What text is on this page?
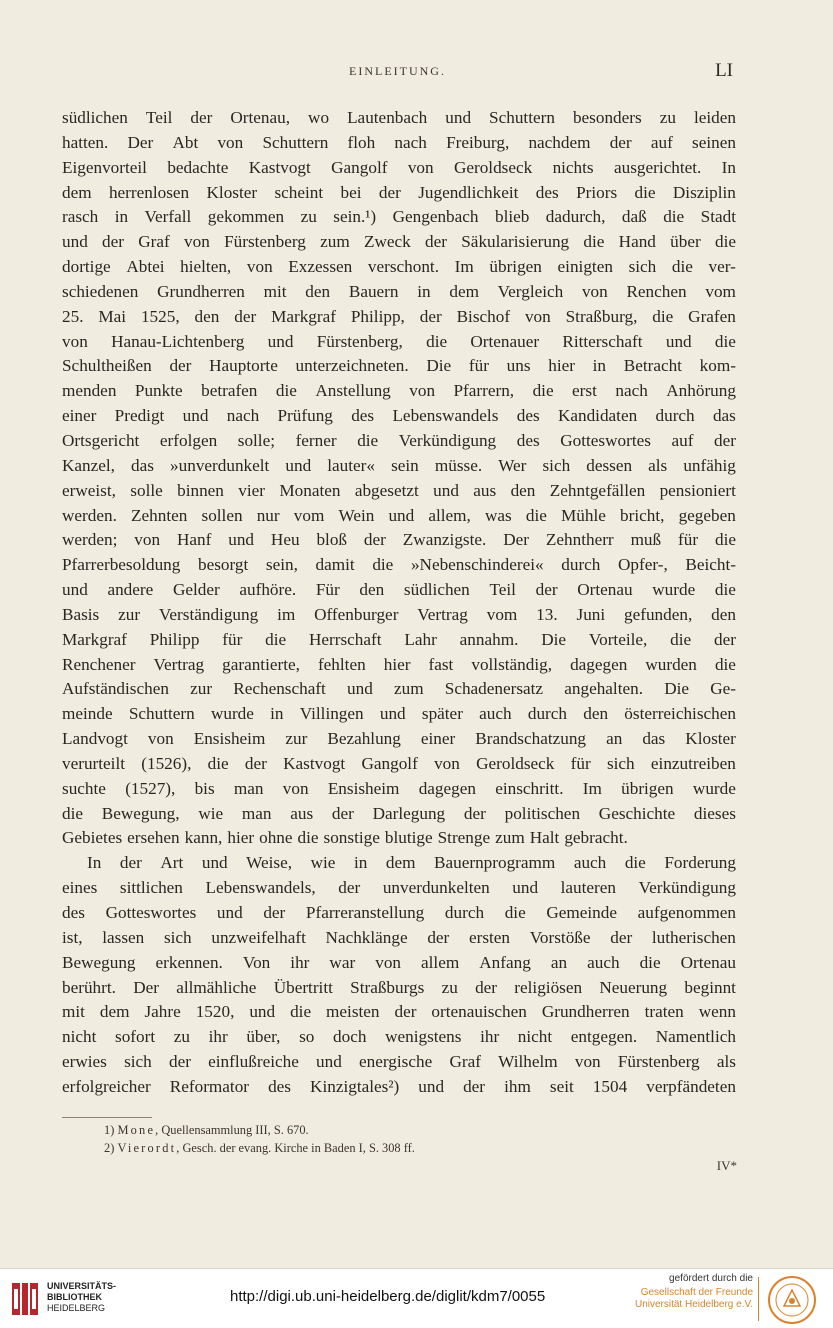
EINLEITUNG.	LI
südlichen Teil der Ortenau, wo Lautenbach und Schuttern besonders zu leiden
hatten. Der Abt von Schuttern floh nach Freiburg, nachdem der auf seinen
Eigenvorteil bedachte Kastvogt Gangolf von Geroldseck nichts ausgerichtet. In
dem herrenlosen Kloster scheint bei der Jugendlichkeit des Priors die Disziplin
rasch in Verfall gekommen zu sein.¹) Gengenbach blieb dadurch, daß die Stadt
und der Graf von Fürstenberg zum Zweck der Säkularisierung die Hand über die
dortige Abtei hielten, von Exzessen verschont. Im übrigen einigten sich die ver-
schiedenen Grundherren mit den Bauern in dem Vergleich von Renchen vom
25. Mai 1525, den der Markgraf Philipp, der Bischof von Straßburg, die Grafen
von Hanau-Lichtenberg und Fürstenberg, die Ortenauer Ritterschaft und die
Schultheißen der Hauptorte unterzeichneten. Die für uns hier in Betracht kom-
menden Punkte betrafen die Anstellung von Pfarrern, die erst nach Anhörung
einer Predigt und nach Prüfung des Lebenswandels des Kandidaten durch das
Ortsgericht erfolgen solle; ferner die Verkündigung des Gotteswortes auf der
Kanzel, das »unverdunkelt und lauter« sein müsse. Wer sich dessen als unfähig
erweist, solle binnen vier Monaten abgesetzt und aus den Zehntgefällen pensioniert
werden. Zehnten sollen nur vom Wein und allem, was die Mühle bricht, gegeben
werden; von Hanf und Heu bloß der Zwanzigste. Der Zehntherr muß für die
Pfarrerbesoldung besorgt sein, damit die »Nebenschinderei« durch Opfer-, Beicht-
und andere Gelder aufhöre. Für den südlichen Teil der Ortenau wurde die
Basis zur Verständigung im Offenburger Vertrag vom 13. Juni gefunden, den
Markgraf Philipp für die Herrschaft Lahr annahm. Die Vorteile, die der
Renchener Vertrag garantierte, fehlten hier fast vollständig, dagegen wurden die
Aufständischen zur Rechenschaft und zum Schadenersatz angehalten. Die Ge-
meinde Schuttern wurde in Villingen und später auch durch den österreichischen
Landvogt von Ensisheim zur Bezahlung einer Brandschatzung an das Kloster
verurteilt (1526), die der Kastvogt Gangolf von Geroldseck für sich einzutreiben
suchte (1527), bis man von Ensisheim dagegen einschritt. Im übrigen wurde
die Bewegung, wie man aus der Darlegung der politischen Geschichte dieses
Gebietes ersehen kann, hier ohne die sonstige blutige Strenge zum Halt gebracht.
In der Art und Weise, wie in dem Bauernprogramm auch die Forderung
eines sittlichen Lebenswandels, der unverdunkelten und lauteren Verkündigung
des Gotteswortes und der Pfarreranstellung durch die Gemeinde aufgenommen
ist, lassen sich unzweifelhaft Nachklänge der ersten Vorstöße der lutherischen
Bewegung erkennen. Von ihr war von allem Anfang an auch die Ortenau
berührt. Der allmähliche Übertritt Straßburgs zu der religiösen Neuerung beginnt
mit dem Jahre 1520, und die meisten der ortenauischen Grundherren traten wenn
nicht sofort zu ihr über, so doch wenigstens ihr nicht entgegen. Namentlich
erwies sich der einflußreiche und energische Graf Wilhelm von Fürstenberg als
erfolgreicher Reformator des Kinzigtales²) und der ihm seit 1504 verpfändeten
1) Mone, Quellensammlung III, S. 670.
2) Vierordt, Gesch. der evang. Kirche in Baden I, S. 308 ff.
IV*
UNIVERSITÄTS-
BIBLIOTHEK
HEIDELBERG
http://digi.ub.uni-heidelberg.de/diglit/kdm7/0055
gefördert durch die
Gesellschaft der Freunde
Universität Heidelberg e.V.
